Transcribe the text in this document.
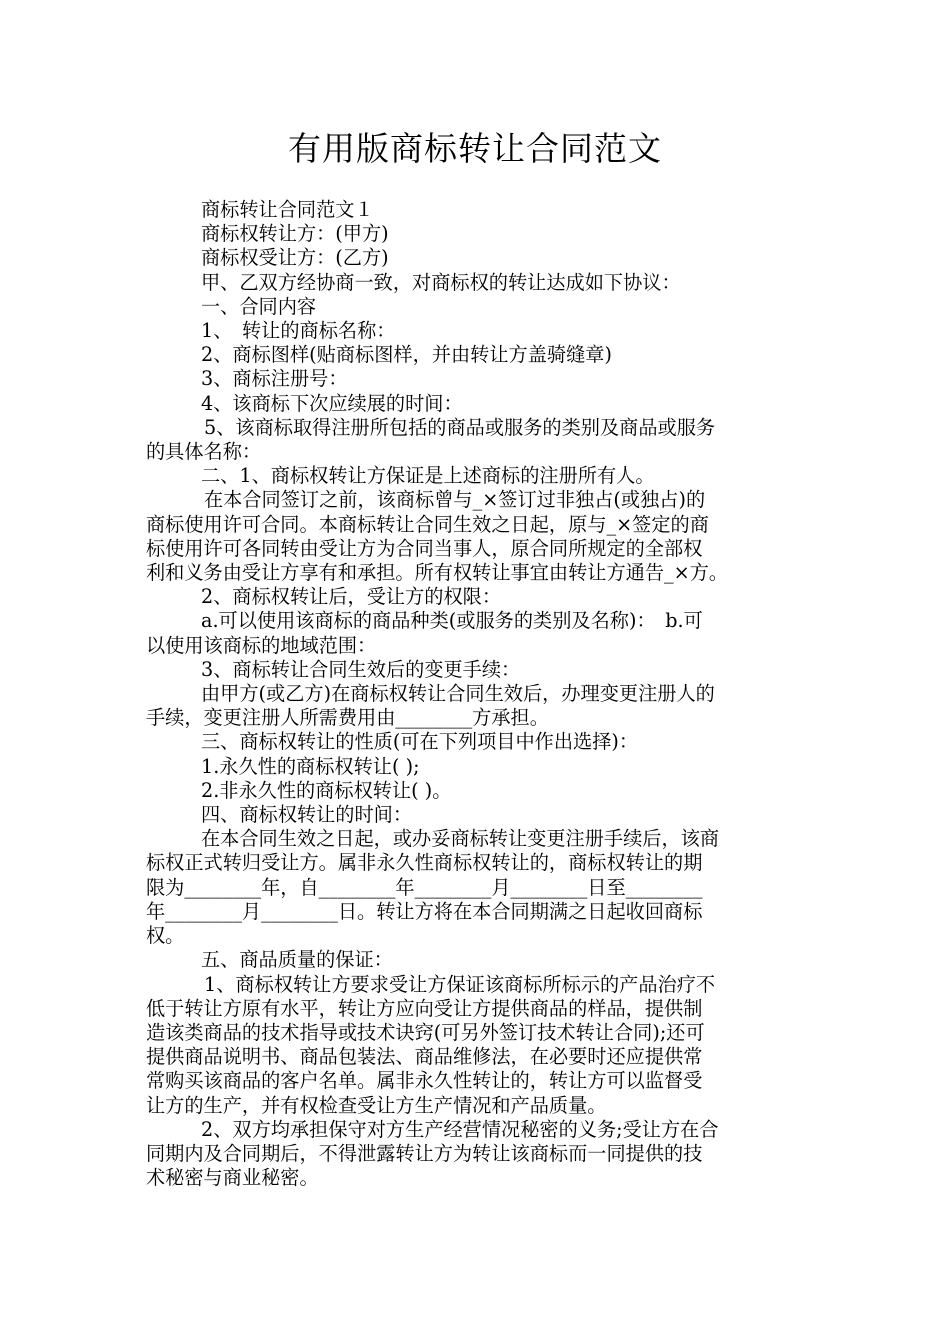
有用版商标转让合同范文

商标转让合同范文１

商标权转让方：(甲方)

商标权受让方：(乙方)

甲、乙双方经协商一致，对商标权的转让达成如下协议：

一、合同内容

1、　转让的商标名称：

2、商标图样(贴商标图样，并由转让方盖骑缝章)

3、商标注册号：

4、该商标下次应续展的时间：

5、该商标取得注册所包括的商品或服务的类别及商品或服务

的具体名称：

二、1、商标权转让方保证是上述商标的注册所有人。

在本合同签订之前，该商标曾与_×签订过非独占(或独占)的

商标使用许可合同。本商标转让合同生效之日起，原与_×签定的商

标使用许可各同转由受让方为合同当事人，原合同所规定的全部权

利和义务由受让方享有和承担。所有权转让事宜由转让方通告_×方。

2、商标权转让后，受让方的权限：

a.可以使用该商标的商品种类(或服务的类别及名称)：　b.可

以使用该商标的地域范围：

3、商标转让合同生效后的变更手续：

由甲方(或乙方)在商标权转让合同生效后，办理变更注册人的

手续，变更注册人所需费用由________方承担。

三、商标权转让的性质(可在下列项目中作出选择)：

1.永久性的商标权转让( );

2.非永久性的商标权转让( )。

四、商标权转让的时间：

在本合同生效之日起，或办妥商标转让变更注册手续后，该商

标权正式转归受让方。属非永久性商标权转让的，商标权转让的期

限为________年，自________年________月________日至________

年________月________日。转让方将在本合同期满之日起收回商标

权。

五、商品质量的保证：

1、商标权转让方要求受让方保证该商标所标示的产品治疗不

低于转让方原有水平，转让方应向受让方提供商品的样品，提供制

造该类商品的技术指导或技术诀窍(可另外签订技术转让合同);还可

提供商品说明书、商品包装法、商品维修法，在必要时还应提供常

常购买该商品的客户名单。属非永久性转让的，转让方可以监督受

让方的生产，并有权检查受让方生产情况和产品质量。

2、双方均承担保守对方生产经营情况秘密的义务;受让方在合

同期内及合同期后，不得泄露转让方为转让该商标而一同提供的技

术秘密与商业秘密。
